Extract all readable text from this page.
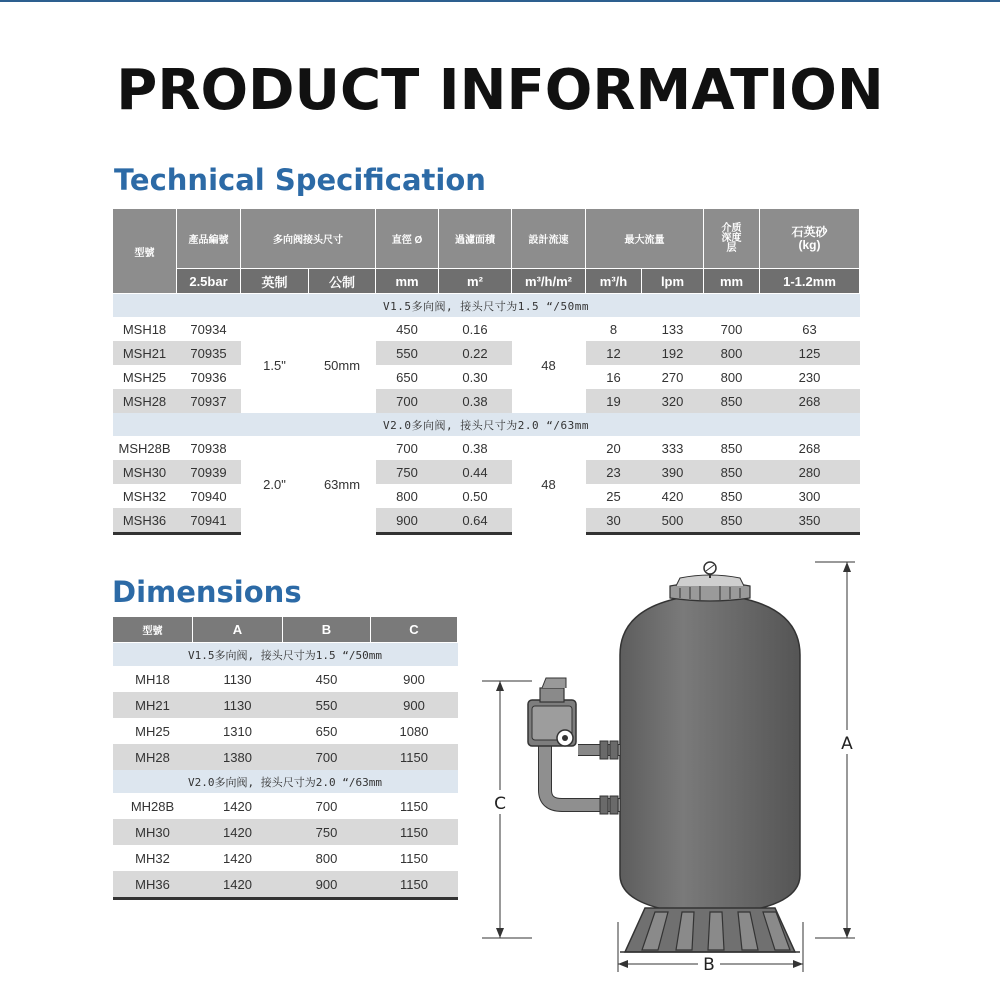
PRODUCT INFORMATION
Technical Specification
型號	產品編號	多向阀接头尺寸		直徑 Ø	過濾面積	設計流速	最大流量		介质
深度
层	石英砂
(kg)
	2.5bar	英制	公制	mm	m²	m³/h/m²	m³/h	lpm	mm	1-1.2mm
V1.5多向阀, 接头尺寸为1.5 “/50mm										
MSH18	70934	1.5"	50mm	450	0.16	48	8	133	700	63
MSH21	70935			550	0.22		12	192	800	125
MSH25	70936			650	0.30		16	270	800	230
MSH28	70937			700	0.38		19	320	850	268
V2.0多向阀, 接头尺寸为2.0 “/63mm										
MSH28B	70938	2.0"	63mm	700	0.38	48	20	333	850	268
MSH30	70939			750	0.44		23	390	850	280
MSH32	70940			800	0.50		25	420	850	300
MSH36	70941			900	0.64		30	500	850	350
Dimensions
型號	A	B	C
V1.5多向阀, 接头尺寸为1.5 “/50mm			
MH18	1130	450	900
MH21	1130	550	900
MH25	1310	650	1080
MH28	1380	700	1150
V2.0多向阀, 接头尺寸为2.0 “/63mm			
MH28B	1420	700	1150
MH30	1420	750	1150
MH32	1420	800	1150
MH36	1420	900	1150
A
C
B
